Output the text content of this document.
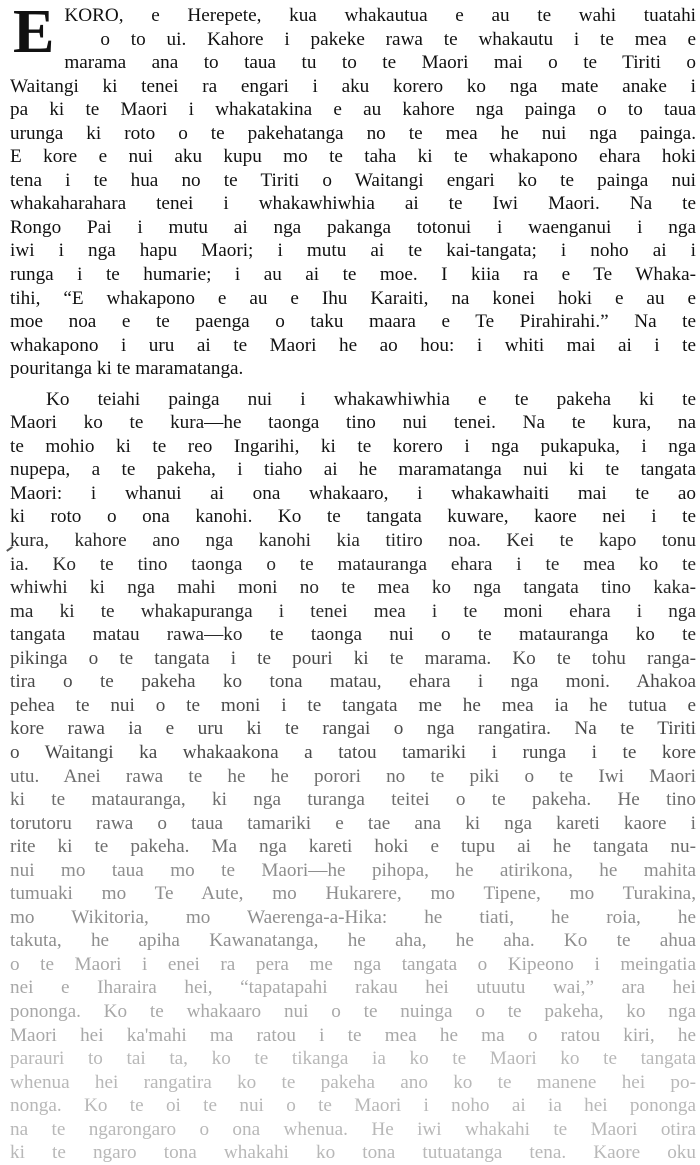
E KORO, e Herepete, kua whakautua e au te wahi tuatahi
o to ui. Kahore i pakeke rawa te whakautu i te mea e
marama ana to taua tu to te Maori mai o te Tiriti o
Waitangi ki tenei ra engari i aku korero ko nga mate anake i
pa ki te Maori i whakatakina e au kahore nga painga o to taua
urunga ki roto o te pakehatanga no te mea he nui nga painga.
E kore e nui aku kupu mo te taha ki te whakapono ehara hoki
tena i te hua no te Tiriti o Waitangi engari ko te painga nui
whakaharahara tenei i whakawhiwhia ai te Iwi Maori. Na te
Rongo Pai i mutu ai nga pakanga totonui i waenganui i nga
iwi i nga hapu Maori; i mutu ai te kai-tangata; i noho ai i
runga i te humarie; i au ai te moe. I kiia ra e Te Whaka-
tihi, “E whakapono e au e Ihu Karaiti, na konei hoki e au e
moe noa e te paenga o taku maara e Te Pirahirahi.” Na te
whakapono i uru ai te Maori he ao hou: i whiti mai ai i te
pouritanga ki te maramatanga.
Ko teiahi painga nui i whakawhiwhia e te pakeha ki te
Maori ko te kura—he taonga tino nui tenei. Na te kura, na
te mohio ki te reo Ingarihi, ki te korero i nga pukapuka, i nga
nupepa, a te pakeha, i tiaho ai he maramatanga nui ki te tangata
Maori: i whanui ai ona whakaaro, i whakawhaiti mai te ao
ki roto o ona kanohi. Ko te tangata kuware, kaore nei i te
kura, kahore ano nga kanohi kia titiro noa. Kei te kapo tonu
ia. Ko te tino taonga o te matauranga ehara i te mea ko te
whiwhi ki nga mahi moni no te mea ko nga tangata tino kaka-
ma ki te whakapuranga i tenei mea i te moni ehara i nga
tangata matau rawa—ko te taonga nui o te matauranga ko te
pikinga o te tangata i te pouri ki te marama. Ko te tohu ranga-
tira o te pakeha ko tona matau, ehara i nga moni. Ahakoa
pehea te nui o te moni i te tangata me he mea ia he tutua e
kore rawa ia e uru ki te rangai o nga rangatira. Na te Tiriti
o Waitangi ka whakaakona a tatou tamariki i runga i te kore
utu. Anei rawa te he he porori no te piki o te Iwi Maori
ki te matauranga, ki nga turanga teitei o te pakeha. He tino
torutoru rawa o taua tamariki e tae ana ki nga kareti kaore i
rite ki te pakeha. Ma nga kareti hoki e tupu ai he tangata nu-
nui mo taua mo te Maori—he pihopa, he atirikona, he mahita
tumuaki mo Te Aute, mo Hukarere, mo Tipene, mo Turakina,
mo Wikitoria, mo Waerenga-a-Hika: he tiati, he roia, he
takuta, he apiha Kawanatanga, he aha, he aha. Ko te ahua
o te Maori i enei ra pera me nga tangata o Kipeono i meingatia
nei e Iharaira hei, “tapatapahi rakau hei utuutu wai,” ara hei
pononga. Ko te whakaaro nui o te nuinga o te pakeha, ko nga
Maori hei ka'mahi ma ratou i te mea he ma o ratou kiri, he
parauri to tai ta, ko te tikanga ia ko te Maori ko te tangata
whenua hei rangatira ko te pakeha ano ko te manene hei po-
nonga. Ko te oi te nui o te Maori i noho ai ia hei pononga
na te ngarongaro o ona whenua. He iwi whakahi te Maori otira
ki te ngaro tona whakahi ko tona tutuatanga tena. Kaore oku
